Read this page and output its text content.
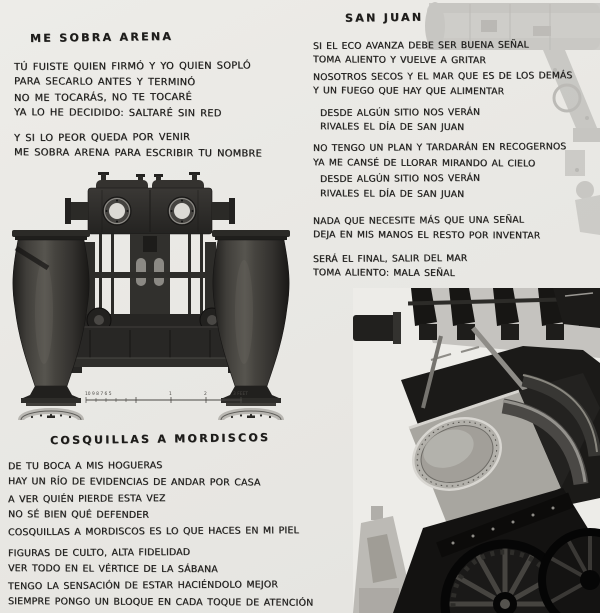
10 9 8 7 6 5	1	2	3 FEET
ME SOBRA ARENA
TÚ FUISTE QUIEN FIRMÓ Y YO QUIEN SOPLÓ
PARA SECARLO ANTES Y TERMINÓ
NO ME TOCARÁS, NO TE TOCARÉ
YA LO HE DECIDIDO: SALTARÉ SIN RED
Y SI LO PEOR QUEDA POR VENIR
ME SOBRA ARENA PARA ESCRIBIR TU NOMBRE
SAN JUAN
SI EL ECO AVANZA DEBE SER BUENA SEÑAL
TOMA ALIENTO Y VUELVE A GRITAR
NOSOTROS SECOS Y EL MAR QUE ES DE LOS DEMÁS
Y UN FUEGO QUE HAY QUE ALIMENTAR
DESDE ALGÚN SITIO NOS VERÁN
RIVALES EL DÍA DE SAN JUAN
NO TENGO UN PLAN Y TARDARÁN EN RECOGERNOS
YA ME CANSÉ DE LLORAR MIRANDO AL CIELO
DESDE ALGÚN SITIO NOS VERÁN
RIVALES EL DÍA DE SAN JUAN
NADA QUE NECESITE MÁS QUE UNA SEÑAL
DEJA EN MIS MANOS EL RESTO POR INVENTAR
SERÁ EL FINAL, SALIR DEL MAR
TOMA ALIENTO: MALA SEÑAL
COSQUILLAS A MORDISCOS
DE TU BOCA A MIS HOGUERAS
HAY UN RÍO DE EVIDENCIAS DE ANDAR POR CASA
A VER QUIÉN PIERDE ESTA VEZ
NO SÉ BIEN QUÉ DEFENDER
COSQUILLAS A MORDISCOS ES LO QUE HACES EN MI PIEL
FIGURAS DE CULTO, ALTA FIDELIDAD
VER TODO EN EL VÉRTICE DE LA SÁBANA
TENGO LA SENSACIÓN DE ESTAR HACIÉNDOLO MEJOR
SIEMPRE PONGO UN BLOQUE EN CADA TOQUE DE ATENCIÓN
